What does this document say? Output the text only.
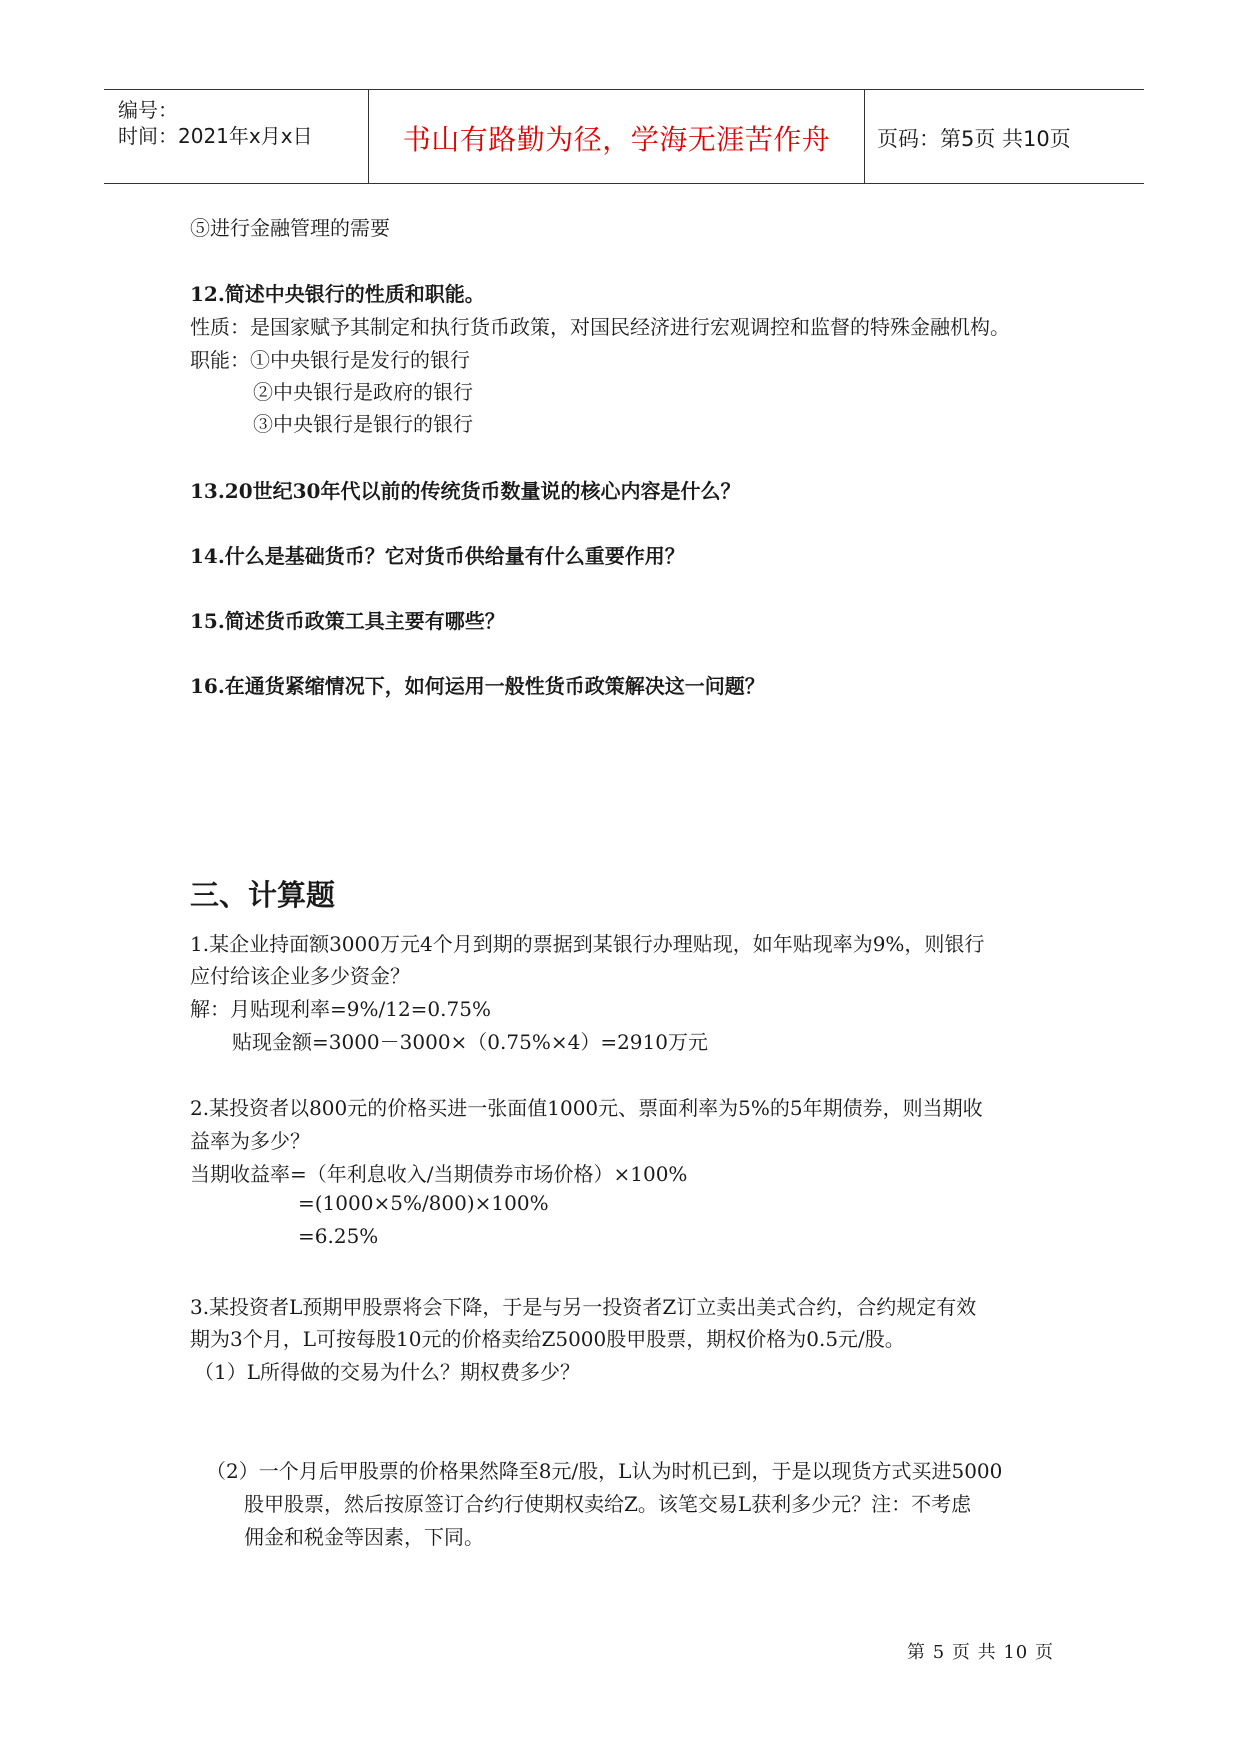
编号：
时间：2021年x月x日	书山有路勤为径，学海无涯苦作舟	页码：第5页 共10页
⑤进行金融管理的需要
12.简述中央银行的性质和职能。
性质：是国家赋予其制定和执行货币政策，对国民经济进行宏观调控和监督的特殊金融机构。
职能：①中央银行是发行的银行
②中央银行是政府的银行
③中央银行是银行的银行
13.20世纪30年代以前的传统货币数量说的核心内容是什么？
14.什么是基础货币？它对货币供给量有什么重要作用？
15.简述货币政策工具主要有哪些？
16.在通货紧缩情况下，如何运用一般性货币政策解决这一问题？
三、计算题
1.某企业持面额3000万元4个月到期的票据到某银行办理贴现，如年贴现率为9%，则银行
应付给该企业多少资金？
解：月贴现利率=9%/12=0.75%
贴现金额=3000－3000×（0.75%×4）=2910万元
2.某投资者以800元的价格买进一张面值1000元、票面利率为5%的5年期债券，则当期收
益率为多少？
当期收益率=（年利息收入/当期债券市场价格）×100%
=(1000×5%/800)×100%
=6.25%
3.某投资者L预期甲股票将会下降，于是与另一投资者Z订立卖出美式合约，合约规定有效
期为3个月，L可按每股10元的价格卖给Z5000股甲股票，期权价格为0.5元/股。
（1）L所得做的交易为什么？期权费多少？
（2）一个月后甲股票的价格果然降至8元/股，L认为时机已到，于是以现货方式买进5000
股甲股票，然后按原签订合约行使期权卖给Z。该笔交易L获利多少元？注：不考虑
佣金和税金等因素，下同。
第 5 页 共 10 页
